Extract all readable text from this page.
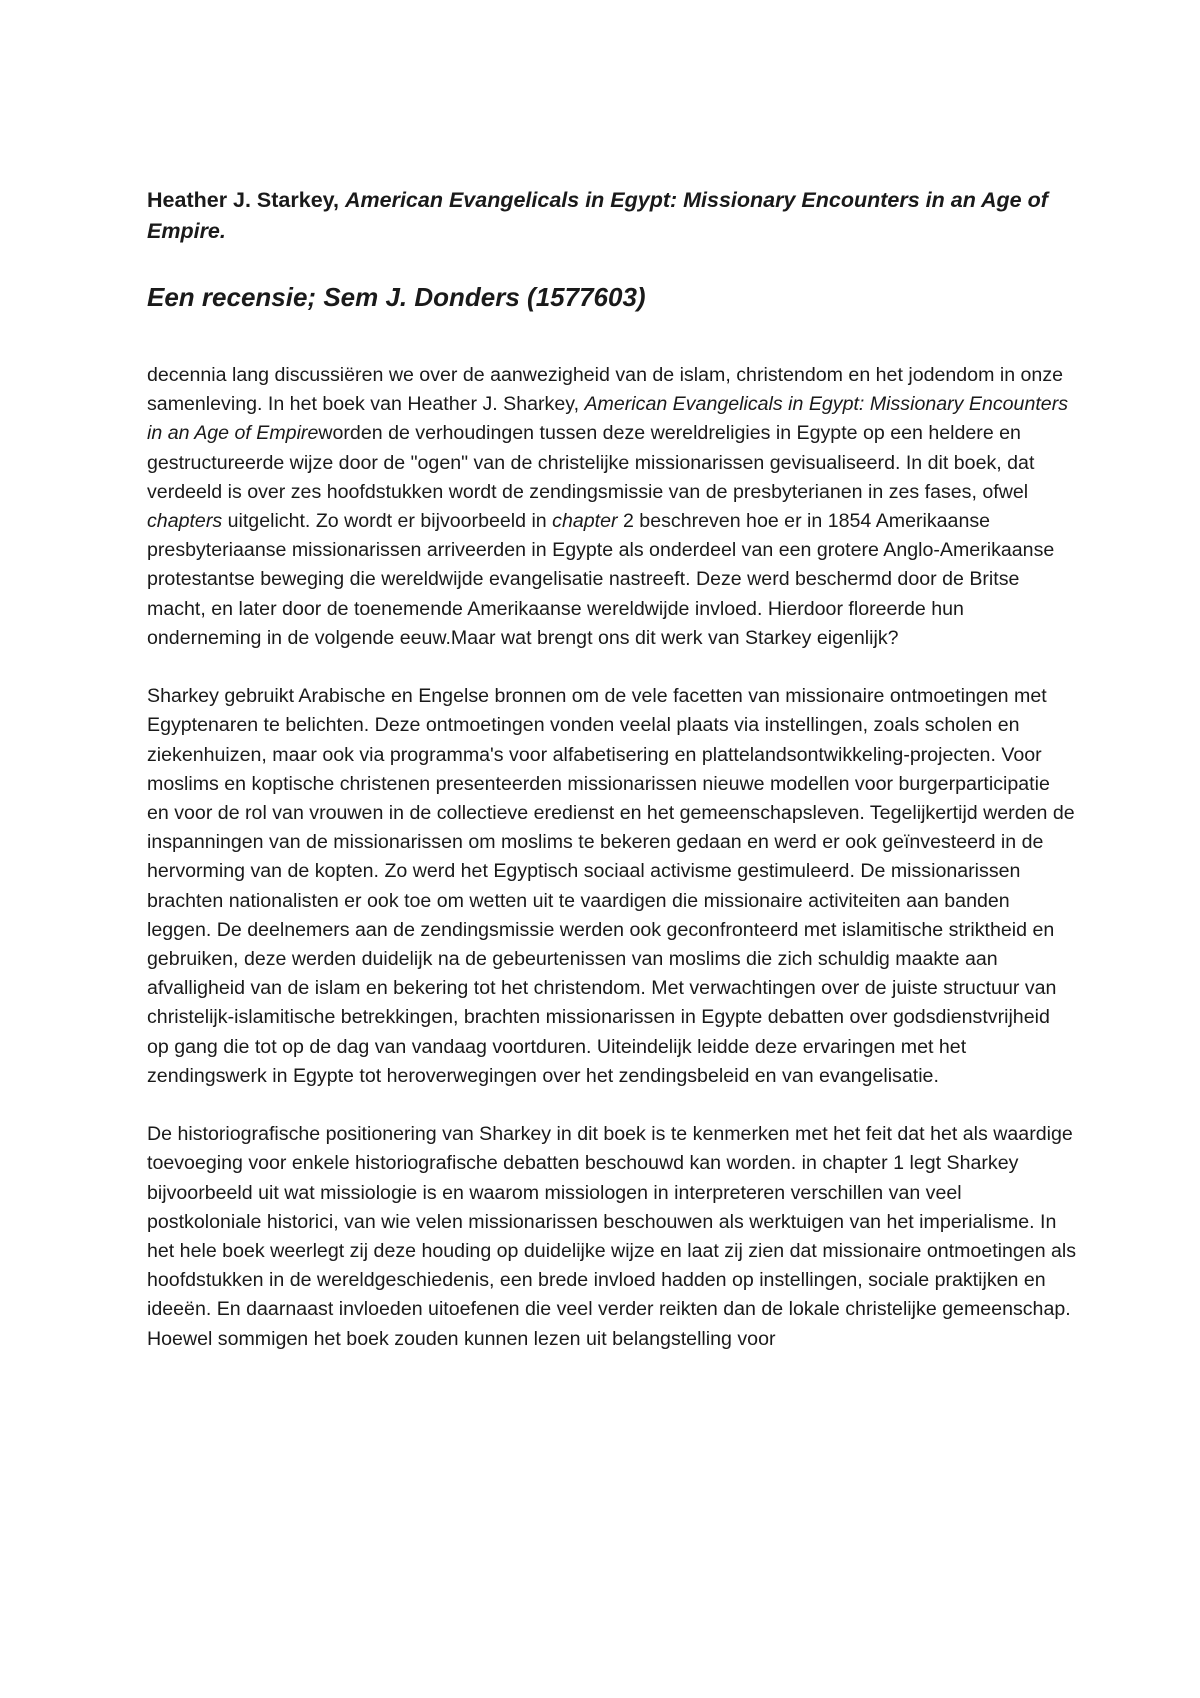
Heather J. Starkey, American Evangelicals in Egypt: Missionary Encounters in an Age of Empire.
Een recensie; Sem J. Donders (1577603)

decennia lang discussiëren we over de aanwezigheid van de islam, christendom en het jodendom in onze samenleving. In het boek van Heather J. Sharkey, American Evangelicals in Egypt: Missionary Encounters in an Age of Empireworden de verhoudingen tussen deze wereldreligies in Egypte op een heldere en gestructureerde wijze door de "ogen" van de christelijke missionarissen gevisualiseerd. In dit boek, dat verdeeld is over zes hoofdstukken wordt de zendingsmissie van de presbyterianen in zes fases, ofwel chapters uitgelicht. Zo wordt er bijvoorbeeld in chapter 2 beschreven hoe er in 1854 Amerikaanse presbyteriaanse missionarissen arriveerden in Egypte als onderdeel van een grotere Anglo-Amerikaanse protestantse beweging die wereldwijde evangelisatie nastreeft. Deze werd beschermd door de Britse macht, en later door de toenemende Amerikaanse wereldwijde invloed. Hierdoor floreerde hun onderneming in de volgende eeuw.Maar wat brengt ons dit werk van Starkey eigenlijk?

Sharkey gebruikt Arabische en Engelse bronnen om de vele facetten van missionaire ontmoetingen met Egyptenaren te belichten. Deze ontmoetingen vonden veelal plaats via instellingen, zoals scholen en ziekenhuizen, maar ook via programma's voor alfabetisering en plattelandsontwikkeling-projecten. Voor moslims en koptische christenen presenteerden missionarissen nieuwe modellen voor burgerparticipatie en voor de rol van vrouwen in de collectieve eredienst en het gemeenschapsleven. Tegelijkertijd werden de inspanningen van de missionarissen om moslims te bekeren gedaan en werd er ook geïnvesteerd in de hervorming van de kopten. Zo werd het Egyptisch sociaal activisme gestimuleerd. De missionarissen brachten nationalisten er ook toe om wetten uit te vaardigen die missionaire activiteiten aan banden leggen. De deelnemers aan de zendingsmissie werden ook geconfronteerd met islamitische striktheid en gebruiken, deze werden duidelijk na de gebeurtenissen van moslims die zich schuldig maakte aan afvalligheid van de islam en bekering tot het christendom. Met verwachtingen over de juiste structuur van christelijk-islamitische betrekkingen, brachten missionarissen in Egypte debatten over godsdienstvrijheid op gang die tot op de dag van vandaag voortduren. Uiteindelijk leidde deze ervaringen met het zendingswerk in Egypte tot heroverwegingen over het zendingsbeleid en van evangelisatie.

De historiografische positionering van Sharkey in dit boek is te kenmerken met het feit dat het als waardige toevoeging voor enkele historiografische debatten beschouwd kan worden. in chapter 1 legt Sharkey bijvoorbeeld uit wat missiologie is en waarom missiologen in interpreteren verschillen van veel postkoloniale historici, van wie velen missionarissen beschouwen als werktuigen van het imperialisme. In het hele boek weerlegt zij deze houding op duidelijke wijze en laat zij zien dat missionaire ontmoetingen als hoofdstukken in de wereldgeschiedenis, een brede invloed hadden op instellingen, sociale praktijken en ideeën. En daarnaast invloeden uitoefenen die veel verder reikten dan de lokale christelijke gemeenschap. Hoewel sommigen het boek zouden kunnen lezen uit belangstelling voor
